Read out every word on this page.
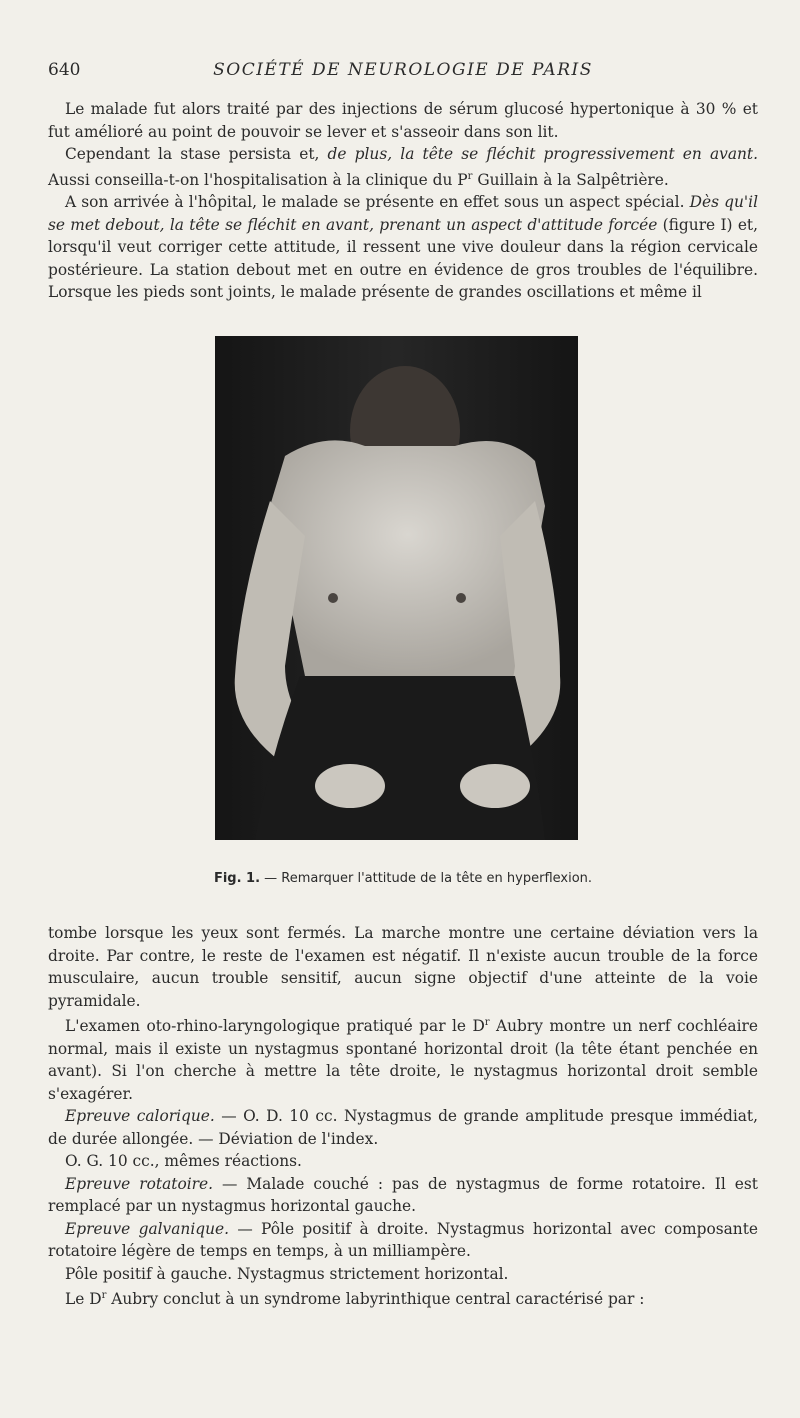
640	SOCIÉTÉ DE NEUROLOGIE DE PARIS

Le malade fut alors traité par des injections de sérum glucosé hypertonique à 30 % et fut amélioré au point de pouvoir se lever et s'asseoir dans son lit.

Cependant la stase persista et, de plus, la tête se fléchit progressivement en avant. Aussi conseilla-t-on l'hospitalisation à la clinique du $P^r$ Guillain à la Salpêtrière.

A son arrivée à l'hôpital, le malade se présente en effet sous un aspect spécial. Dès qu'il se met debout, la tête se fléchit en avant, prenant un aspect d'attitude forcée (figure I) et, lorsqu'il veut corriger cette attitude, il ressent une vive douleur dans la région cervicale postérieure. La station debout met en outre en évidence de gros troubles de l'équilibre. Lorsque les pieds sont joints, le malade présente de grandes oscillations et même il

Fig. 1. — Remarquer l'attitude de la tête en hyperflexion.

tombe lorsque les yeux sont fermés. La marche montre une certaine déviation vers la droite. Par contre, le reste de l'examen est négatif. Il n'existe aucun trouble de la force musculaire, aucun trouble sensitif, aucun signe objectif d'une atteinte de la voie pyramidale.

L'examen oto-rhino-laryngologique pratiqué par le $D^r$ Aubry montre un nerf cochléaire normal, mais il existe un nystagmus spontané horizontal droit (la tête étant penchée en avant). Si l'on cherche à mettre la tête droite, le nystagmus horizontal droit semble s'exagérer.

Epreuve calorique. — O. D. 10 cc. Nystagmus de grande amplitude presque immédiat, de durée allongée. — Déviation de l'index.

O. G. 10 cc., mêmes réactions.

Epreuve rotatoire. — Malade couché : pas de nystagmus de forme rotatoire. Il est remplacé par un nystagmus horizontal gauche.

Epreuve galvanique. — Pôle positif à droite. Nystagmus horizontal avec composante rotatoire légère de temps en temps, à un milliampère.

Pôle positif à gauche. Nystagmus strictement horizontal.

Le $D^r$ Aubry conclut à un syndrome labyrinthique central caractérisé par :
